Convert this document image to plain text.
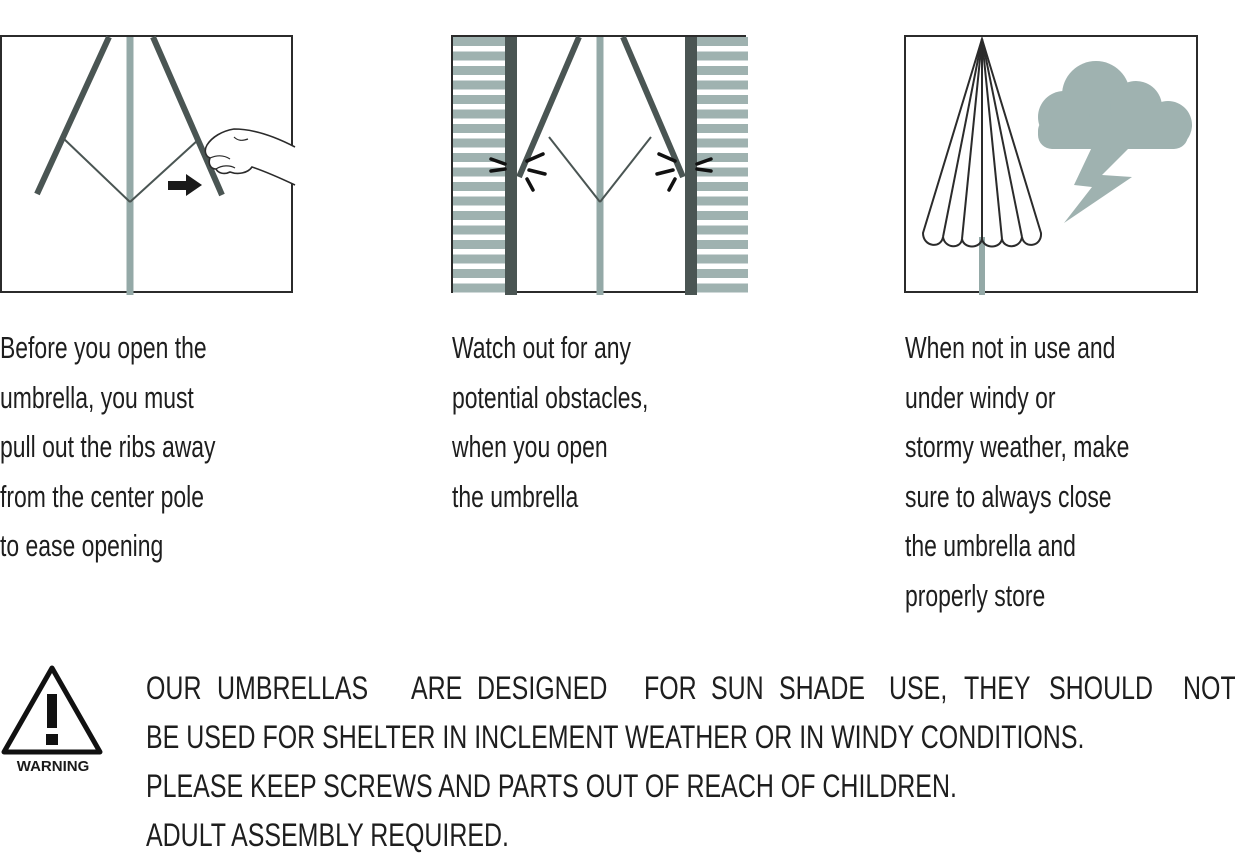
Before you open the
umbrella, you must
pull out the ribs away
from the center pole
to ease opening
Watch out for any
potential obstacles,
when you open
the umbrella
When not in use and
under windy or
stormy weather, make
sure to always close
the umbrella and
properly store
WARNING
OUR UMBRELLAS ARE DESIGNED FOR SUN SHADE USE, THEY SHOULD NOT
BE USED FOR SHELTER IN INCLEMENT WEATHER OR IN WINDY CONDITIONS.
PLEASE KEEP SCREWS AND PARTS OUT OF REACH OF CHILDREN.
ADULT ASSEMBLY REQUIRED.
